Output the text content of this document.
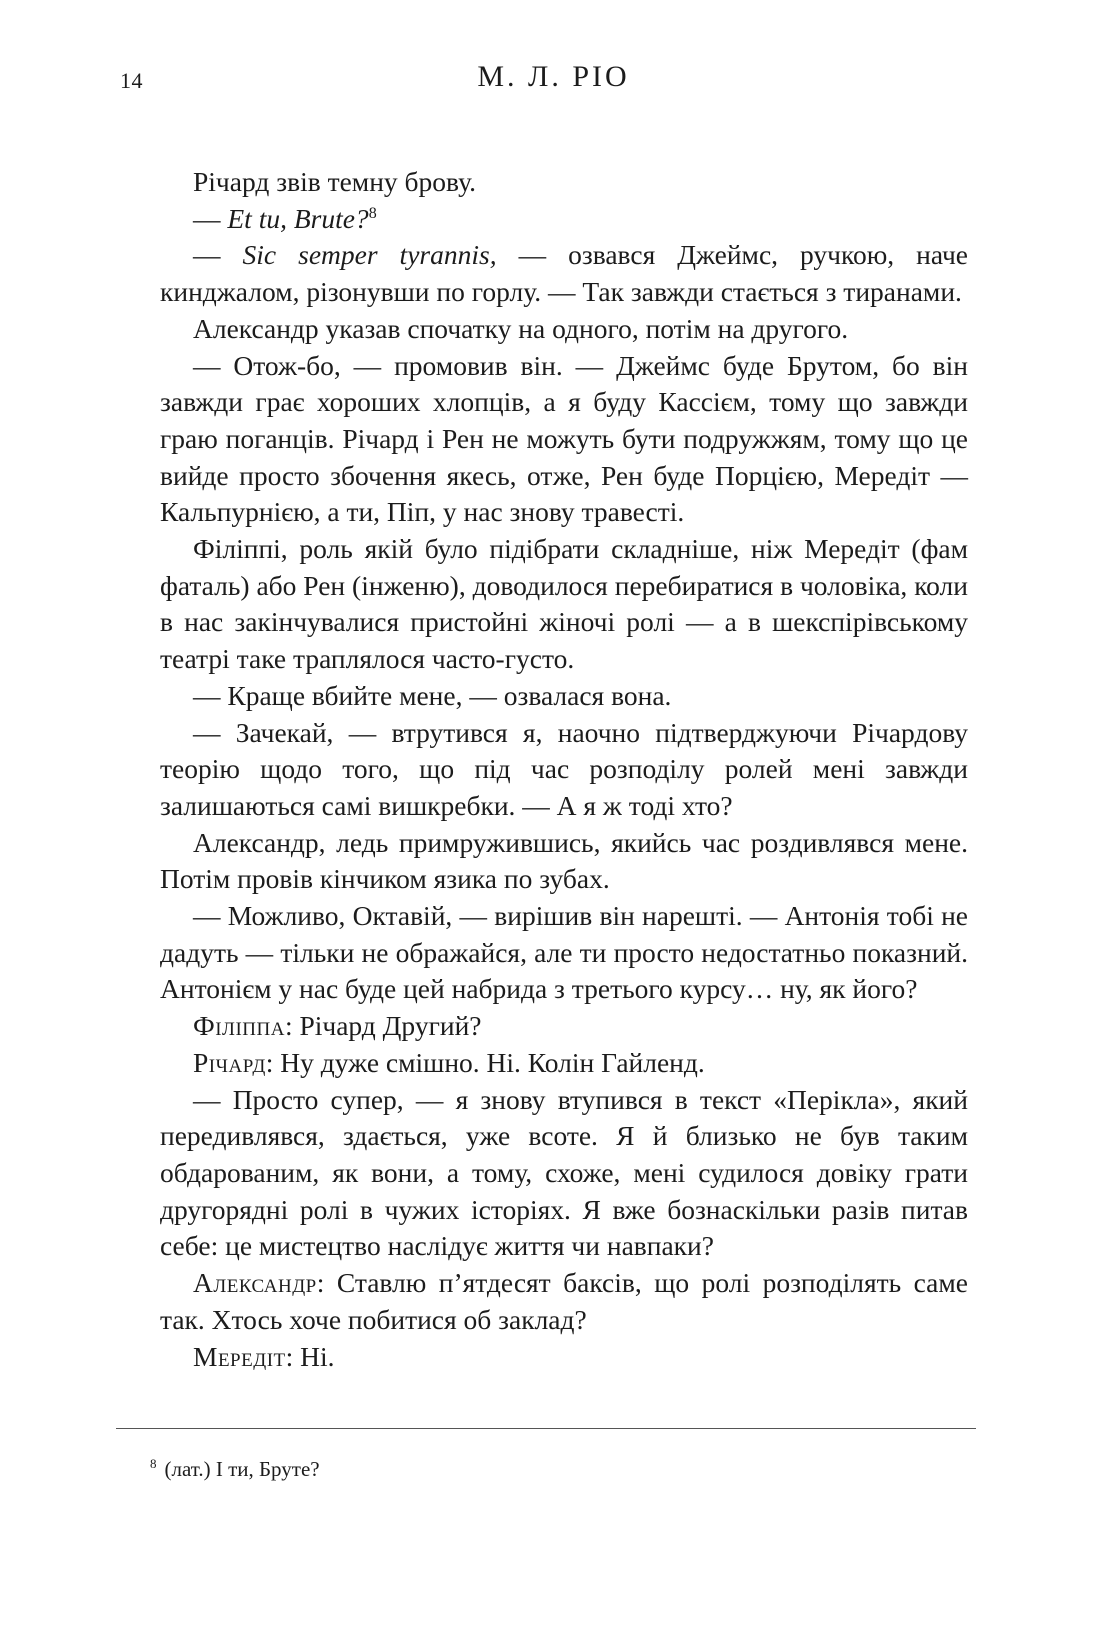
14	М. Л. РІО

Річард звів темну брову.

— Et tu, Brute?$^8$

— Sic semper tyrannis, — озвався Джеймс, ручкою, наче кинджалом, різонувши по горлу. — Так завжди стається з тиранами.

Александр указав спочатку на одного, потім на другого.

— Отож-бо, — промовив він. — Джеймс буде Брутом, бо він завжди грає хороших хлопців, а я буду Кассієм, тому що завжди граю поганців. Річард і Рен не можуть бути подружжям, тому що це вийде просто збочення якесь, отже, Рен буде Порцією, Мередіт — Кальпурнією, а ти, Піп, у нас знову травесті.

Філіппі, роль якій було підібрати складніше, ніж Мередіт (фам фаталь) або Рен (інженю), доводилося перебиратися в чоловіка, коли в нас закінчувалися пристойні жіночі ролі — а в шекспірівському театрі таке траплялося часто-густо.

— Краще вбийте мене, — озвалася вона.

— Зачекай, — втрутився я, наочно підтверджуючи Річардову теорію щодо того, що під час розподілу ролей мені завжди залишаються самі вишкребки. — А я ж тоді хто?

Александр, ледь примружившись, якийсь час роздивлявся мене. Потім провів кінчиком язика по зубах.

— Можливо, Октавій, — вирішив він нарешті. — Антонія тобі не дадуть — тільки не ображайся, але ти просто недостатньо показний. Антонієм у нас буде цей набрида з третього курсу… ну, як його?

Філіппа: Річард Другий?

Річард: Ну дуже смішно. Ні. Колін Гайленд.

— Просто супер, — я знову втупився в текст «Перікла», який передивлявся, здається, уже всоте. Я й близько не був таким обдарованим, як вони, а тому, схоже, мені судилося довіку грати другорядні ролі в чужих історіях. Я вже бознаскільки разів питав себе: це мистецтво наслідує життя чи навпаки?

Александр: Ставлю п’ятдесят баксів, що ролі розподілять саме так. Хтось хоче побитися об заклад?

Мередіт: Ні.

$^8$ (лат.) І ти, Бруте?
